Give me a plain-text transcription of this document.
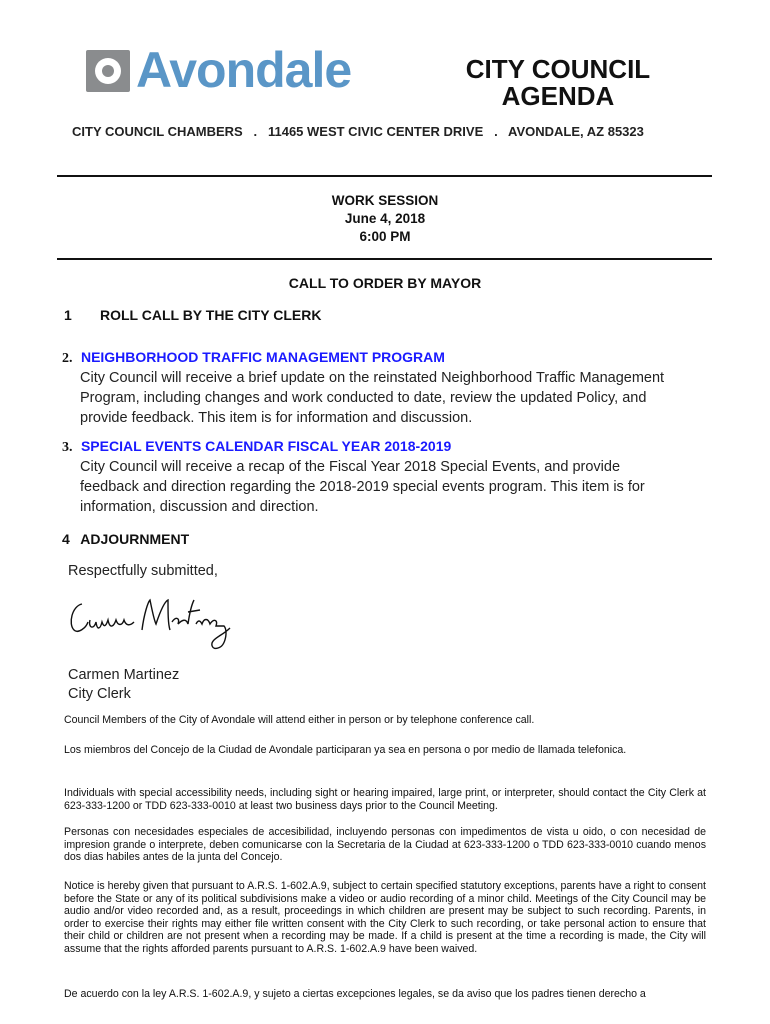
Avondale	CITY COUNCIL
AGENDA
CITY COUNCIL CHAMBERS   .   11465 WEST CIVIC CENTER DRIVE   .   AVONDALE, AZ 85323
WORK SESSION
June 4, 2018
6:00 PM
CALL TO ORDER BY MAYOR
1 ROLL CALL BY THE CITY CLERK
2. NEIGHBORHOOD TRAFFIC MANAGEMENT PROGRAM
City Council will receive a brief update on the reinstated Neighborhood Traffic Management
Program, including changes and work conducted to date, review the updated Policy, and
provide feedback. This item is for information and discussion.
3. SPECIAL EVENTS CALENDAR FISCAL YEAR 2018-2019
City Council will receive a recap of the Fiscal Year 2018 Special Events, and provide
feedback and direction regarding the 2018-2019 special events program. This item is for
information, discussion and direction.
4 ADJOURNMENT
Respectfully submitted,
Carmen Martinez
City Clerk
Council Members of the City of Avondale will attend either in person or by telephone conference call.
Los miembros del Concejo de la Ciudad de Avondale participaran ya sea en persona o por medio de llamada telefonica.
Individuals with special accessibility needs, including sight or hearing impaired, large print, or interpreter, should contact the City Clerk at 623-333-1200 or TDD 623-333-0010 at least two business days prior to the Council Meeting.
Personas con necesidades especiales de accesibilidad, incluyendo personas con impedimentos de vista u oido, o con necesidad de impresion grande o interprete, deben comunicarse con la Secretaria de la Ciudad at 623-333-1200 o TDD 623-333-0010 cuando menos dos dias habiles antes de la junta del Concejo.
Notice is hereby given that pursuant to A.R.S. 1-602.A.9, subject to certain specified statutory exceptions, parents have a right to consent before the State or any of its political subdivisions make a video or audio recording of a minor child. Meetings of the City Council may be audio and/or video recorded and, as a result, proceedings in which children are present may be subject to such recording. Parents, in order to exercise their rights may either file written consent with the City Clerk to such recording, or take personal action to ensure that their child or children are not present when a recording may be made. If a child is present at the time a recording is made, the City will assume that the rights afforded parents pursuant to A.R.S. 1-602.A.9 have been waived.
De acuerdo con la ley A.R.S. 1-602.A.9, y sujeto a ciertas excepciones legales, se da aviso que los padres tienen derecho a
